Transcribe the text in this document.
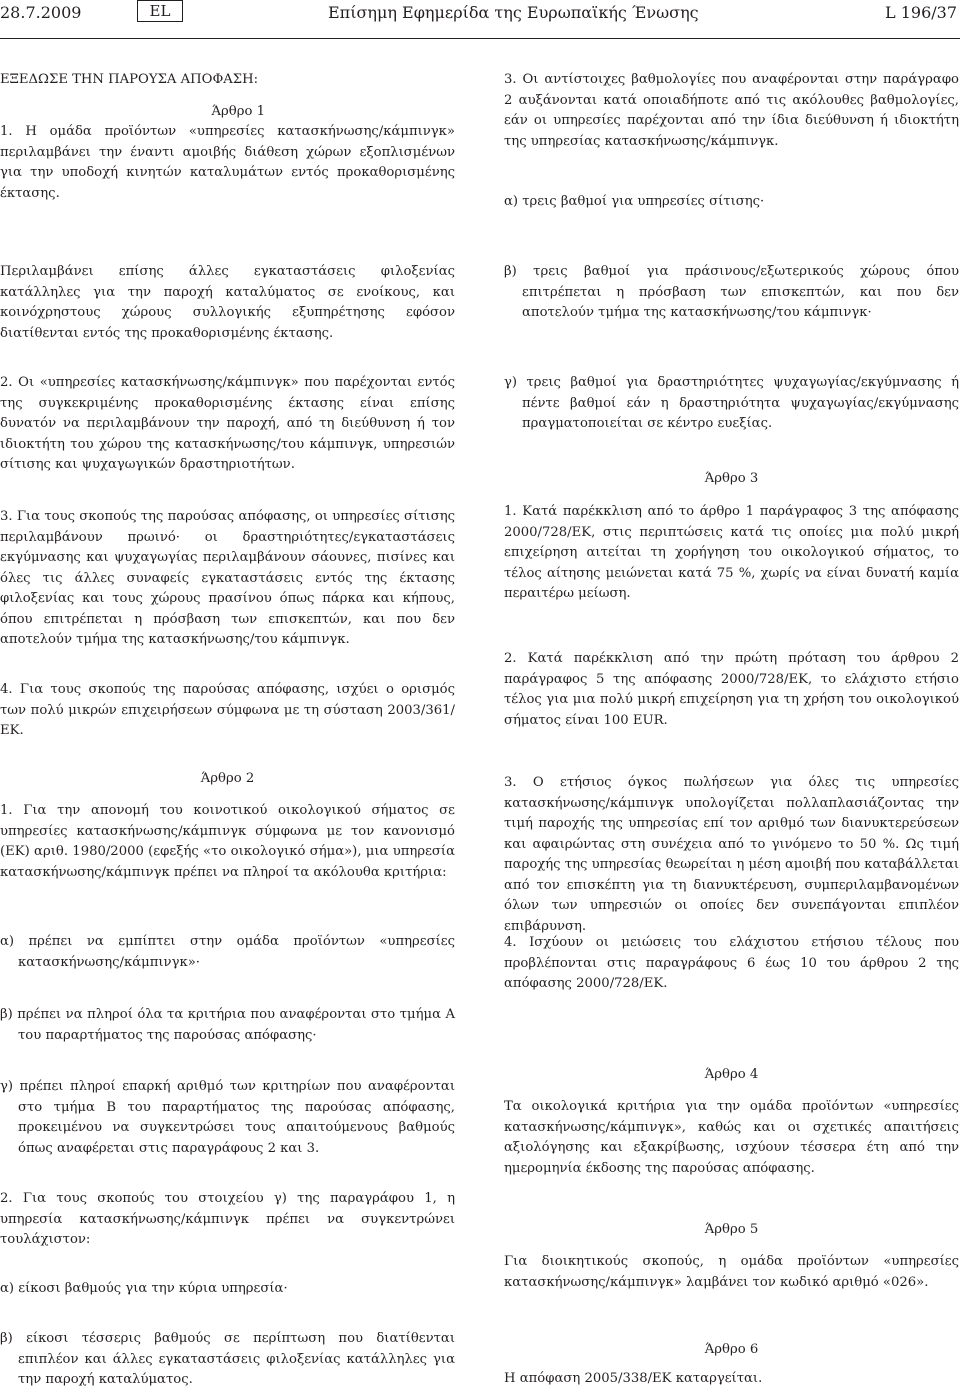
28.7.2009	EL	Επίσημη Εφημερίδα της Ευρωπαϊκής Ένωσης	L 196/37

ΕΞΕΔΩΣΕ ΤΗΝ ΠΑΡΟΥΣΑ ΑΠΟΦΑΣΗ:

Άρθρο 1

1. Η ομάδα προϊόντων «υπηρεσίες κατασκήνωσης/κάμπινγκ» περιλαμβάνει την έναντι αμοιβής διάθεση χώρων εξοπλισμένων για την υποδοχή κινητών καταλυμάτων εντός προκαθορισμένης έκτασης.

Περιλαμβάνει επίσης άλλες εγκαταστάσεις φιλοξενίας κατάλληλες για την παροχή καταλύματος σε ενοίκους, και κοινόχρηστους χώρους συλλογικής εξυπηρέτησης εφόσον διατίθενται εντός της προκαθορισμένης έκτασης.

2. Οι «υπηρεσίες κατασκήνωσης/κάμπινγκ» που παρέχονται εντός της συγκεκριμένης προκαθορισμένης έκτασης είναι επίσης δυνατόν να περιλαμβάνουν την παροχή, από τη διεύθυνση ή τον ιδιοκτήτη του χώρου της κατασκήνωσης/του κάμπινγκ, υπηρεσιών σίτισης και ψυχαγωγικών δραστηριοτήτων.

3. Για τους σκοπούς της παρούσας απόφασης, οι υπηρεσίες σίτισης περιλαμβάνουν πρωινό· οι δραστηριότητες/εγκαταστάσεις εκγύμνασης και ψυχαγωγίας περιλαμβάνουν σάουνες, πισίνες και όλες τις άλλες συναφείς εγκαταστάσεις εντός της έκτασης φιλοξενίας και τους χώρους πρασίνου όπως πάρκα και κήπους, όπου επιτρέπεται η πρόσβαση των επισκεπτών, και που δεν αποτελούν τμήμα της κατασκήνωσης/του κάμπινγκ.

4. Για τους σκοπούς της παρούσας απόφασης, ισχύει ο ορισμός των πολύ μικρών επιχειρήσεων σύμφωνα με τη σύσταση 2003/361/ΕΚ.

Άρθρο 2

1. Για την απονομή του κοινοτικού οικολογικού σήματος σε υπηρεσίες κατασκήνωσης/κάμπινγκ σύμφωνα με τον κανονισμό (ΕΚ) αριθ. 1980/2000 (εφεξής «το οικολογικό σήμα»), μια υπηρεσία κατασκήνωσης/κάμπινγκ πρέπει να πληροί τα ακόλουθα κριτήρια:

α) πρέπει να εμπίπτει στην ομάδα προϊόντων «υπηρεσίες κατασκήνωσης/κάμπινγκ»·

β) πρέπει να πληροί όλα τα κριτήρια που αναφέρονται στο τμήμα Α του παραρτήματος της παρούσας απόφασης·

γ) πρέπει πληροί επαρκή αριθμό των κριτηρίων που αναφέρονται στο τμήμα Β του παραρτήματος της παρούσας απόφασης, προκειμένου να συγκεντρώσει τους απαιτούμενους βαθμούς όπως αναφέρεται στις παραγράφους 2 και 3.

2. Για τους σκοπούς του στοιχείου γ) της παραγράφου 1, η υπηρεσία κατασκήνωσης/κάμπινγκ πρέπει να συγκεντρώνει τουλάχιστον:

α) είκοσι βαθμούς για την κύρια υπηρεσία·

β) είκοσι τέσσερις βαθμούς σε περίπτωση που διατίθενται επιπλέον και άλλες εγκαταστάσεις φιλοξενίας κατάλληλες για την παροχή καταλύματος.

3. Οι αντίστοιχες βαθμολογίες που αναφέρονται στην παράγραφο 2 αυξάνονται κατά οποιαδήποτε από τις ακόλουθες βαθμολογίες, εάν οι υπηρεσίες παρέχονται από την ίδια διεύθυνση ή ιδιοκτήτη της υπηρεσίας κατασκήνωσης/κάμπινγκ.

α) τρεις βαθμοί για υπηρεσίες σίτισης·

β) τρεις βαθμοί για πράσινους/εξωτερικούς χώρους όπου επιτρέπεται η πρόσβαση των επισκεπτών, και που δεν αποτελούν τμήμα της κατασκήνωσης/του κάμπινγκ·

γ) τρεις βαθμοί για δραστηριότητες ψυχαγωγίας/εκγύμνασης ή πέντε βαθμοί εάν η δραστηριότητα ψυχαγωγίας/εκγύμνασης πραγματοποιείται σε κέντρο ευεξίας.

Άρθρο 3

1. Κατά παρέκκλιση από το άρθρο 1 παράγραφος 3 της απόφασης 2000/728/ΕΚ, στις περιπτώσεις κατά τις οποίες μια πολύ μικρή επιχείρηση αιτείται τη χορήγηση του οικολογικού σήματος, το τέλος αίτησης μειώνεται κατά 75 %, χωρίς να είναι δυνατή καμία περαιτέρω μείωση.

2. Κατά παρέκκλιση από την πρώτη πρόταση του άρθρου 2 παράγραφος 5 της απόφασης 2000/728/ΕΚ, το ελάχιστο ετήσιο τέλος για μια πολύ μικρή επιχείρηση για τη χρήση του οικολογικού σήματος είναι 100 EUR.

3. Ο ετήσιος όγκος πωλήσεων για όλες τις υπηρεσίες κατασκήνωσης/κάμπινγκ υπολογίζεται πολλαπλασιάζοντας την τιμή παροχής της υπηρεσίας επί τον αριθμό των διανυκτερεύσεων και αφαιρώντας στη συνέχεια από το γινόμενο το 50 %. Ως τιμή παροχής της υπηρεσίας θεωρείται η μέση αμοιβή που καταβάλλεται από τον επισκέπτη για τη διανυκτέρευση, συμπεριλαμβανομένων όλων των υπηρεσιών οι οποίες δεν συνεπάγονται επιπλέον επιβάρυνση.

4. Ισχύουν οι μειώσεις του ελάχιστου ετήσιου τέλους που προβλέπονται στις παραγράφους 6 έως 10 του άρθρου 2 της απόφασης 2000/728/ΕΚ.

Άρθρο 4

Τα οικολογικά κριτήρια για την ομάδα προϊόντων «υπηρεσίες κατασκήνωσης/κάμπινγκ», καθώς και οι σχετικές απαιτήσεις αξιολόγησης και εξακρίβωσης, ισχύουν τέσσερα έτη από την ημερομηνία έκδοσης της παρούσας απόφασης.

Άρθρο 5

Για διοικητικούς σκοπούς, η ομάδα προϊόντων «υπηρεσίες κατασκήνωσης/κάμπινγκ» λαμβάνει τον κωδικό αριθμό «026».

Άρθρο 6

Η απόφαση 2005/338/ΕΚ καταργείται.
